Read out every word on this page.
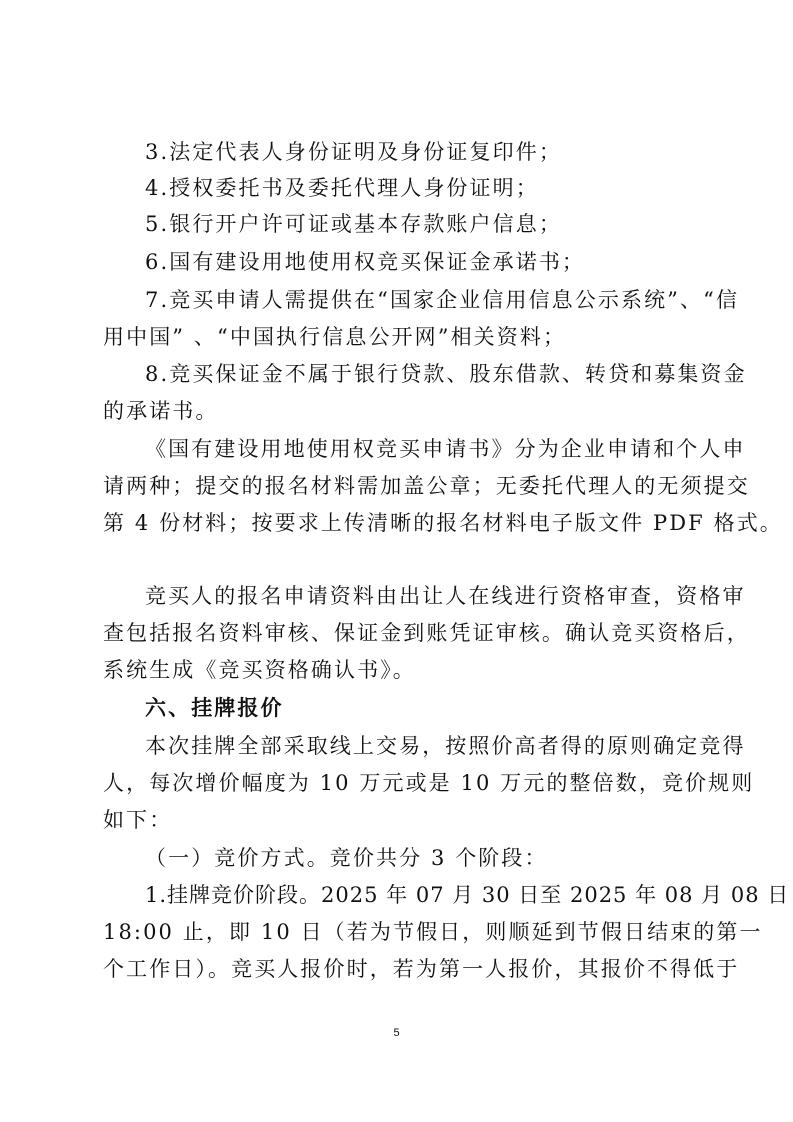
3.法定代表人身份证明及身份证复印件；
4.授权委托书及委托代理人身份证明；
5.银行开户许可证或基本存款账户信息；
6.国有建设用地使用权竞买保证金承诺书；
7.竞买申请人需提供在“国家企业信用信息公示系统”、“信
用中国” 、“中国执行信息公开网”相关资料；
8.竞买保证金不属于银行贷款、股东借款、转贷和募集资金
的承诺书。
《国有建设用地使用权竞买申请书》分为企业申请和个人申
请两种；提交的报名材料需加盖公章；无委托代理人的无须提交
第 4 份材料；按要求上传清晰的报名材料电子版文件 PDF 格式。
竞买人的报名申请资料由出让人在线进行资格审查，资格审
查包括报名资料审核、保证金到账凭证审核。确认竞买资格后，
系统生成《竞买资格确认书》。
六、挂牌报价
本次挂牌全部采取线上交易，按照价高者得的原则确定竞得
人，每次增价幅度为 10 万元或是 10 万元的整倍数，竞价规则
如下：
（一）竞价方式。竞价共分 3 个阶段：
1.挂牌竞价阶段。2025 年 07 月 30 日至 2025 年 08 月 08 日
18:00 止，即 10 日（若为节假日，则顺延到节假日结束的第一
个工作日）。竞买人报价时，若为第一人报价，其报价不得低于
5
